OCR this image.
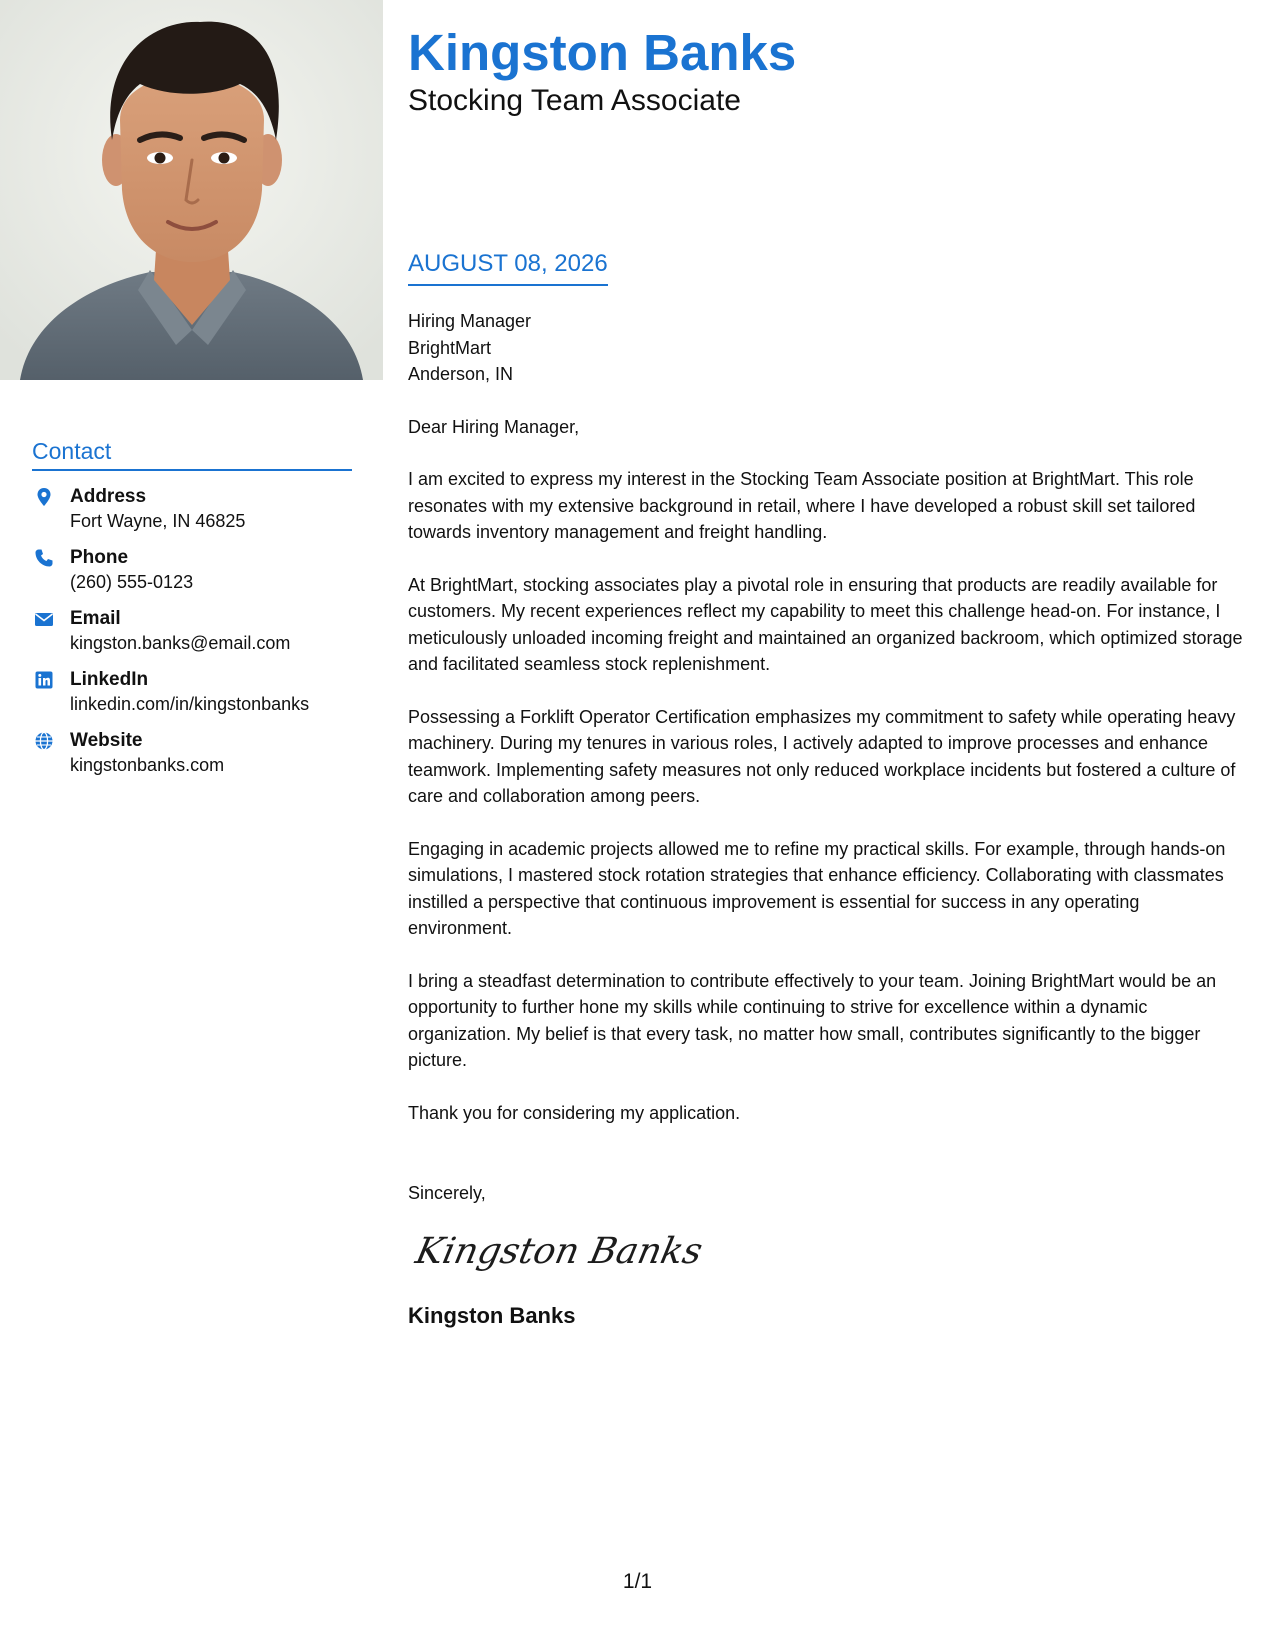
Contact
Address
Fort Wayne, IN 46825
Phone
(260) 555-0123
Email
kingston.banks@email.com
LinkedIn
linkedin.com/in/kingstonbanks
Website
kingstonbanks.com
Kingston Banks
Stocking Team Associate
AUGUST 08, 2026

Hiring Manager
BrightMart
Anderson, IN

Dear Hiring Manager,

I am excited to express my interest in the Stocking Team Associate position at BrightMart. This role resonates with my extensive background in retail, where I have developed a robust skill set tailored towards inventory management and freight handling.

At BrightMart, stocking associates play a pivotal role in ensuring that products are readily available for customers. My recent experiences reflect my capability to meet this challenge head-on. For instance, I meticulously unloaded incoming freight and maintained an organized backroom, which optimized storage and facilitated seamless stock replenishment.

Possessing a Forklift Operator Certification emphasizes my commitment to safety while operating heavy machinery. During my tenures in various roles, I actively adapted to improve processes and enhance teamwork. Implementing safety measures not only reduced workplace incidents but fostered a culture of care and collaboration among peers.

Engaging in academic projects allowed me to refine my practical skills. For example, through hands-on simulations, I mastered stock rotation strategies that enhance efficiency. Collaborating with classmates instilled a perspective that continuous improvement is essential for success in any operating environment.

I bring a steadfast determination to contribute effectively to your team. Joining BrightMart would be an opportunity to further hone my skills while continuing to strive for excellence within a dynamic organization. My belief is that every task, no matter how small, contributes significantly to the bigger picture.

Thank you for considering my application.

Sincerely,

Kingston Banks
Kingston Banks
1/1
